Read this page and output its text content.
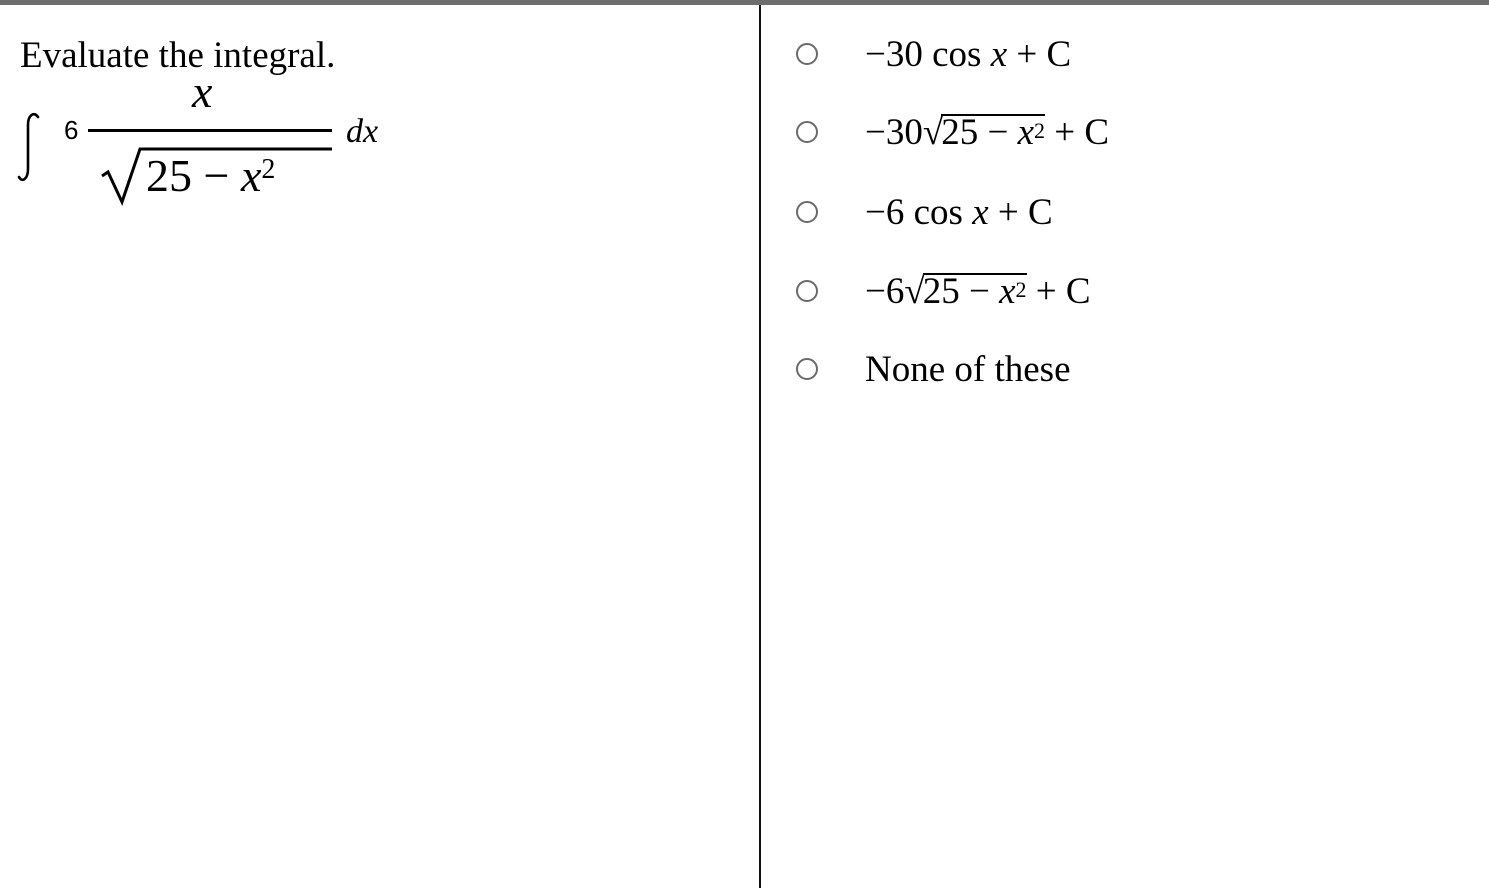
Evaluate the integral.
6
x
$25 - x^2$
dx
−30 cos x + C
$-30√25 - x^2 + C$
−6 cos x + C
$-6√25 - x^2 + C$
None of these
